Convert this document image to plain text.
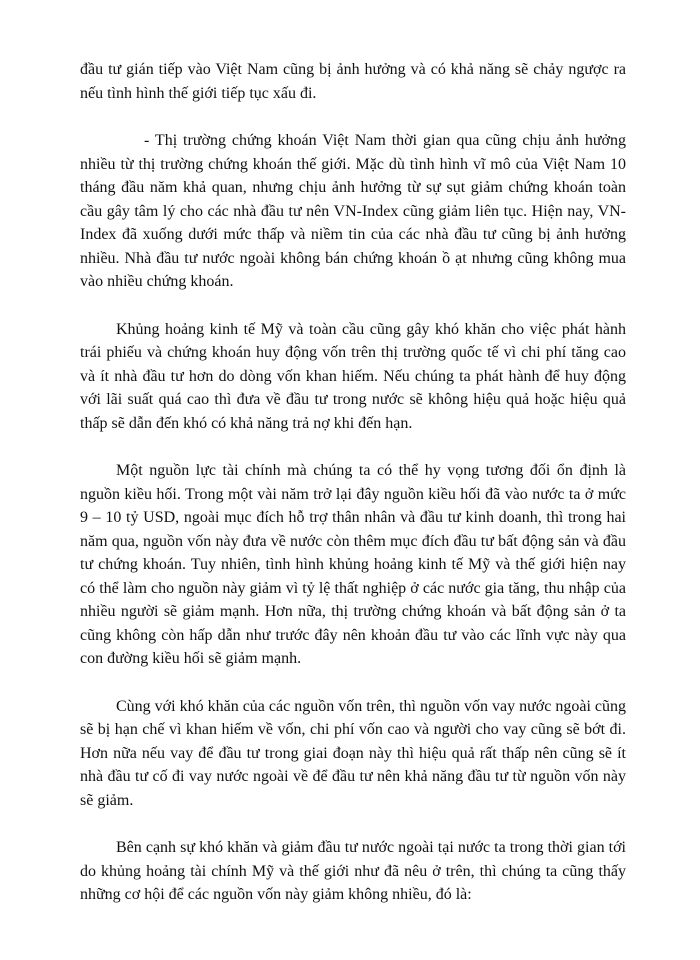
đầu tư gián tiếp vào Việt Nam cũng bị ảnh hưởng và có khả năng sẽ chảy ngược ra nếu tình hình thế giới tiếp tục xấu đi.

- Thị trường chứng khoán Việt Nam thời gian qua cũng chịu ảnh hưởng nhiều từ thị trường chứng khoán thế giới. Mặc dù tình hình vĩ mô của Việt Nam 10 tháng đầu năm khả quan, nhưng chịu ảnh hưởng từ sự sụt giảm chứng khoán toàn cầu gây tâm lý cho các nhà đầu tư nên VN-Index cũng giảm liên tục. Hiện nay, VN-Index đã xuống dưới mức thấp và niềm tin của các nhà đầu tư cũng bị ảnh hưởng nhiều. Nhà đầu tư nước ngoài không bán chứng khoán ồ ạt nhưng cũng không mua vào nhiều chứng khoán.

Khủng hoảng kinh tế Mỹ và toàn cầu cũng gây khó khăn cho việc phát hành trái phiếu và chứng khoán huy động vốn trên thị trường quốc tế vì chi phí tăng cao và ít nhà đầu tư hơn do dòng vốn khan hiếm. Nếu chúng ta phát hành để huy động với lãi suất quá cao thì đưa về đầu tư trong nước sẽ không hiệu quả hoặc hiệu quả thấp sẽ dẫn đến khó có khả năng trả nợ khi đến hạn.

Một nguồn lực tài chính mà chúng ta có thể hy vọng tương đối ổn định là nguồn kiều hối. Trong một vài năm trở lại đây nguồn kiều hối đã vào nước ta ở mức 9 – 10 tỷ USD, ngoài mục đích hỗ trợ thân nhân và đầu tư kinh doanh, thì trong hai năm qua, nguồn vốn này đưa về nước còn thêm mục đích đầu tư bất động sản và đầu tư chứng khoán. Tuy nhiên, tình hình khủng hoảng kinh tế Mỹ và thế giới hiện nay có thể làm cho nguồn này giảm vì tỷ lệ thất nghiệp ở các nước gia tăng, thu nhập của nhiều người sẽ giảm mạnh. Hơn nữa, thị trường chứng khoán và bất động sản ở ta cũng không còn hấp dẫn như trước đây nên khoản đầu tư vào các lĩnh vực này qua con đường kiều hối sẽ giảm mạnh.

Cùng với khó khăn của các nguồn vốn trên, thì nguồn vốn vay nước ngoài cũng sẽ bị hạn chế vì khan hiếm về vốn, chi phí vốn cao và người cho vay cũng sẽ bớt đi. Hơn nữa nếu vay để đầu tư trong giai đoạn này thì hiệu quả rất thấp nên cũng sẽ ít nhà đầu tư cố đi vay nước ngoài về để đầu tư nên khả năng đầu tư từ nguồn vốn này sẽ giảm.

Bên cạnh sự khó khăn và giảm đầu tư nước ngoài tại nước ta trong thời gian tới do khủng hoảng tài chính Mỹ và thế giới như đã nêu ở trên, thì chúng ta cũng thấy những cơ hội để các nguồn vốn này giảm không nhiều, đó là:
